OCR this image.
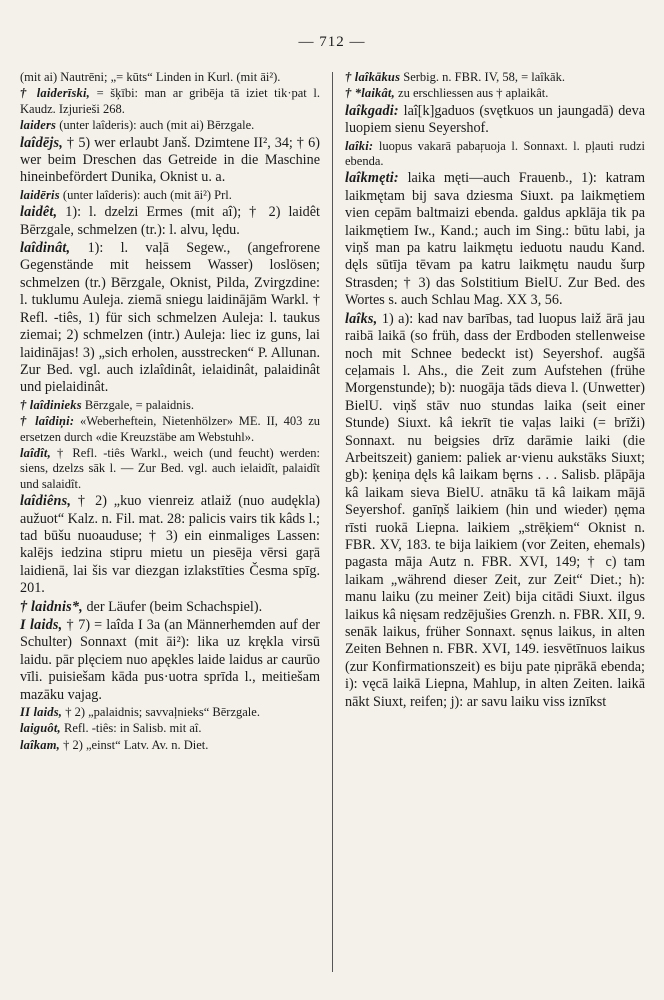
— 712 —

(mit ai) Nautrēni; „= kūts“ Linden in Kurl. (mit āi²).

† laiderīski, = šķībi: man ar gribēja tā iziet tik·pat l. Kaudz. Izjurieši 268.

laiders (unter laîderis): auch (mit ai) Bērzgale.

laîdējs, † 5) wer erlaubt Janš. Dzimtene II², 34; † 6) wer beim Dreschen das Getreide in die Maschine hineinbefördert Dunika, Oknist u. a.

laidēris (unter laîderis): auch (mit āi²) Prl.

laidêt, 1): l. dzelzi Ermes (mit aî); † 2) laidêt Bērzgale, schmelzen (tr.): l. alvu, lędu.

laîdinât, 1): l. vaļā Segew., (angefrorene Gegenstände mit heissem Wasser) loslösen; schmelzen (tr.) Bērzgale, Oknist, Pilda, Zvirgzdine: l. tuklumu Auleja. ziemā sniegu laidinājām Warkl. † Refl. -tiês, 1) für sich schmelzen Auleja: l. taukus ziemai; 2) schmelzen (intr.) Auleja: liec iz guns, lai laidinājas! 3) „sich erholen, ausstrecken“ P. Allunan. Zur Bed. vgl. auch izlaîdinât, ielaidinât, palaidinât und pielaidinât.

† laîdinieks Bērzgale, = palaidnis.

† laîdiņi: «Weberheftein, Nietenhölzer» ME. II, 403 zu ersetzen durch «die Kreuzstäbe am Webstuhl».

laîdît, † Refl. -tiês Warkl., weich (und feucht) werden: siens, dzelzs sāk l. — Zur Bed. vgl. auch ielaidît, palaidît und salaidît.

laîdiêns, † 2) „kuo vienreiz atlaiž (nuo audękla) aužuot“ Kalz. n. Fil. mat. 28: palicis vairs tik kâds l.; tad būšu nuoauduse; † 3) ein einmaliges Lassen: kalējs iedzina stipru mietu un piesēja vērsi gaŗā laidienā, lai šis var diezgan izlakstīties Česma spīg. 201.

† laidnis*, der Läufer (beim Schachspiel).

I laids, † 7) = laîda I 3a (an Männerhemden auf der Schulter) Sonnaxt (mit āi²): lika uz krękla virsū laidu. pār plęciem nuo apękles laide laidus ar caurūo vīli. puisiešam kāda pus·uotra sprīda l., meitiešam mazāku vajag.

II laids, † 2) „palaidnis; savvaļnieks“ Bērzgale.

laiguôt, Refl. -tiês: in Salisb. mit aî.

laîkam, † 2) „einst“ Latv. Av. n. Diet.

† laîkākus Serbig. n. FBR. IV, 58, = laîkāk.

† *laikât, zu erschliessen aus † aplaikât.

laîkgadi: laî[k]gaduos (svętkuos un jaungadā) deva luopiem sienu Seyershof.

laîki: luopus vakarā pabaŗuoja l. Sonnaxt. l. pļauti rudzi ebenda.

laîkmęti: laika męti—auch Frauenb., 1): katram laikmętam bij sava dziesma Siuxt. pa laikmętiem vien cepām baltmaizi ebenda. galdus apklāja tik pa laikmętiem Iw., Kand.; auch im Sing.: būtu labi, ja viņš man pa katru laikmętu ieduotu naudu Kand. dęls sūtīja tēvam pa katru laikmętu naudu šurp Strasden; † 3) das Solstitium BielU. Zur Bed. des Wortes s. auch Schlau Mag. XX 3, 56.

laîks, 1) a): kad nav barības, tad luopus laiž ārā jau raibā laikā (so früh, dass der Erdboden stellenweise noch mit Schnee bedeckt ist) Seyershof. augšā ceļamais l. Ahs., die Zeit zum Aufstehen (frühe Morgenstunde); b): nuogāja tāds dieva l. (Unwetter) BielU. viņš stāv nuo stundas laika (seit einer Stunde) Siuxt. kâ iekrīt tie vaļas laiki (= brīži) Sonnaxt. nu beigsies drīz darāmie laiki (die Arbeitszeit) ganiem: paliek ar·vienu aukstāks Siuxt; gb): ķeniņa dęls kâ laikam bęrns . . . Salisb. plāpāja kâ laikam sieva BielU. atnāku tā kâ laikam mājā Seyershof. ganīņš laikiem (hin und wieder) ņęma rīsti ruokā Liepna. laikiem „strēķiem“ Oknist n. FBR. XV, 183. te bija laikiem (vor Zeiten, ehemals) pagasta māja Autz n. FBR. XVI, 149; † c) tam laikam „während dieser Zeit, zur Zeit“ Diet.; h): manu laiku (zu meiner Zeit) bija citādi Siuxt. ilgus laikus kâ nięsam redzējušies Grenzh. n. FBR. XII, 9. senāk laikus, früher Sonnaxt. sęnus laikus, in alten Zeiten Behnen n. FBR. XVI, 149. iesvētīnuos laikus (zur Konfirmationszeit) es biju pate ņiprākā ebenda; i): vęcā laikā Liepna, Mahlup, in alten Zeiten. laikā nākt Siuxt, reifen; j): ar savu laiku viss iznīkst
